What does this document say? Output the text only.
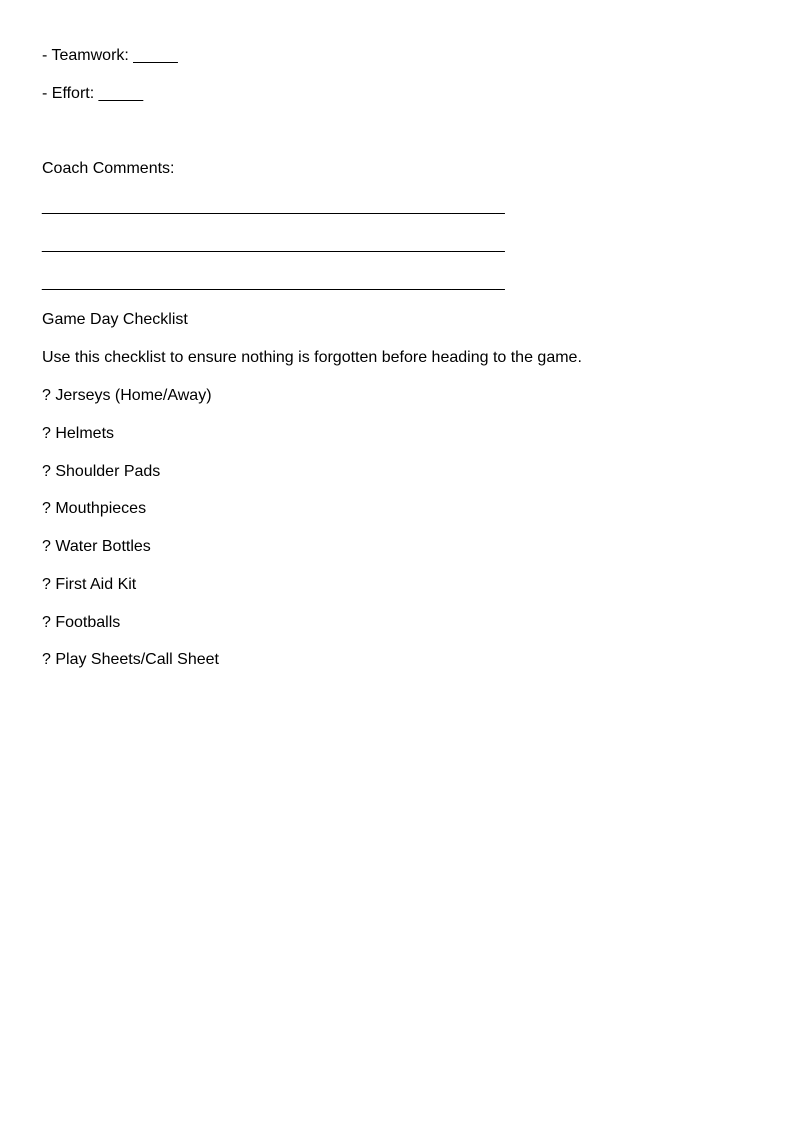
- Teamwork: _____

- Effort: _____

Coach Comments:

____________________________________________________

____________________________________________________

____________________________________________________

Game Day Checklist

Use this checklist to ensure nothing is forgotten before heading to the game.

? Jerseys (Home/Away)

? Helmets

? Shoulder Pads

? Mouthpieces

? Water Bottles

? First Aid Kit

? Footballs

? Play Sheets/Call Sheet
